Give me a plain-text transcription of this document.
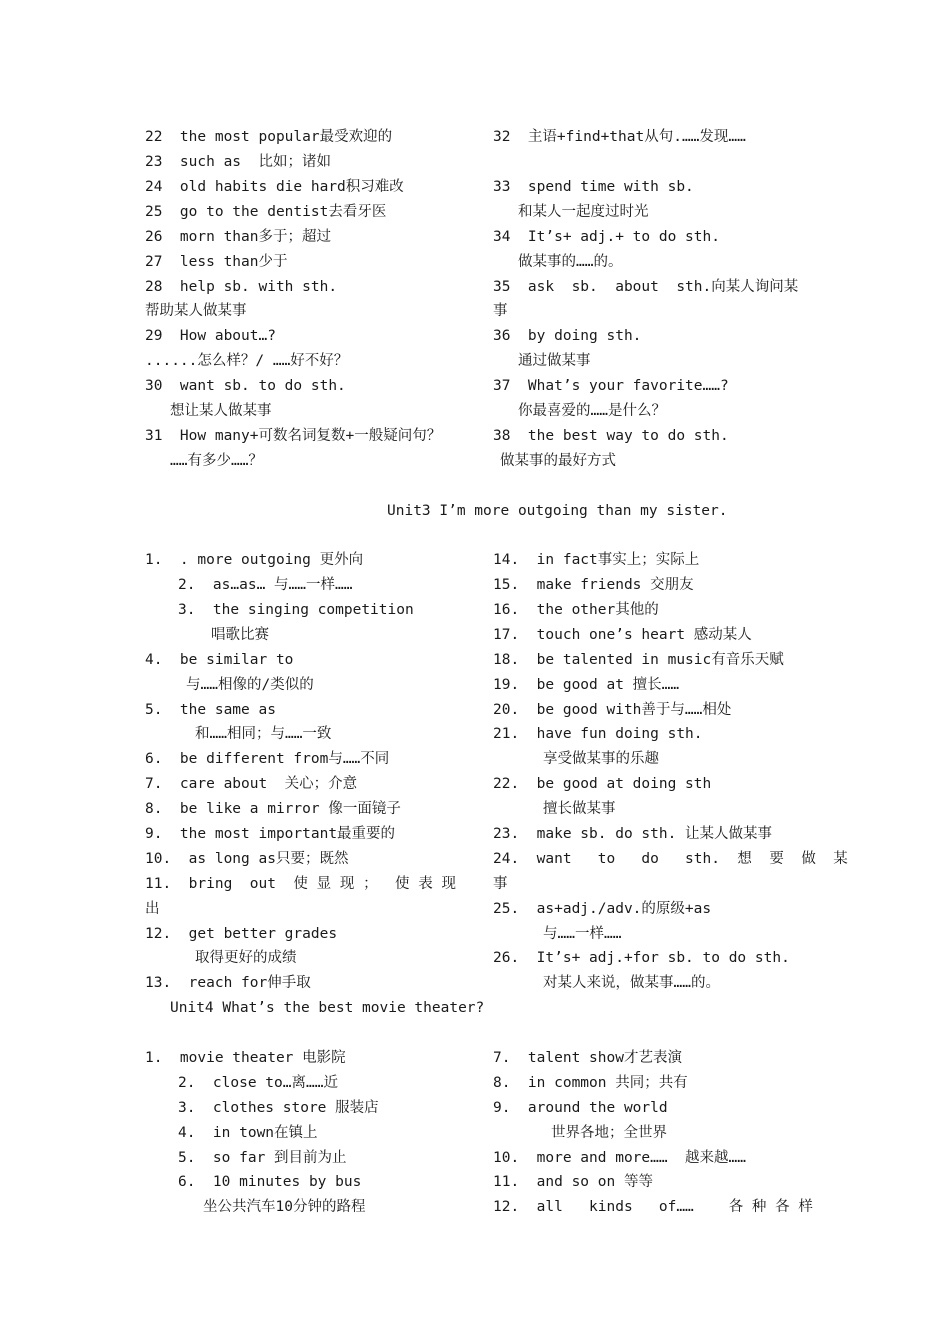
22  the most popular最受欢迎的
23  such as  比如；诸如
24  old habits die hard积习难改
25  go to the dentist去看牙医
26  morn than多于；超过
27  less than少于
28  help sb. with sth.
帮助某人做某事
29  How about…?
......怎么样？/ ……好不好？
30  want sb. to do sth.
想让某人做某事
31  How many+可数名词复数+一般疑问句？
……有多少……？
32  主语+find+that从句.……发现……
33  spend time with sb.
和某人一起度过时光
34  It’s+ adj.+ to do sth.
做某事的……的。
35  ask  sb.  about  sth.向某人询问某
事
36  by doing sth.
通过做某事
37  What’s your favorite……?
你最喜爱的……是什么？
38  the best way to do sth.
做某事的最好方式
Unit3 I’m more outgoing than my sister.
1.  . more outgoing 更外向
2.  as…as… 与……一样……
3.  the singing competition
唱歌比赛
4.  be similar to
与……相像的/类似的
5.  the same as
和……相同；与……一致
6.  be different from与……不同
7.  care about  关心；介意
8.  be like a mirror 像一面镜子
9.  the most important最重要的
10.  as long as只要；既然
11.  bring  out  使 显 现 ；  使 表 现
出
12.  get better grades
取得更好的成绩
13.  reach for伸手取
14.  in fact事实上；实际上
15.  make friends 交朋友
16.  the other其他的
17.  touch one’s heart 感动某人
18.  be talented in music有音乐天赋
19.  be good at 擅长……
20.  be good with善于与……相处
21.  have fun doing sth.
享受做某事的乐趣
22.  be good at doing sth
擅长做某事
23.  make sb. do sth. 让某人做某事
24.  want   to   do   sth.  想  要  做  某
事
25.  as+adj./adv.的原级+as
与……一样……
26.  It’s+ adj.+for sb. to do sth.
对某人来说，做某事……的。
Unit4 What’s the best movie theater?
1.  movie theater 电影院
2.  close to…离……近
3.  clothes store 服装店
4.  in town在镇上
5.  so far 到目前为止
6.  10 minutes by bus
坐公共汽车10分钟的路程
7.  talent show才艺表演
8.  in common 共同；共有
9.  around the world
世界各地；全世界
10.  more and more……  越来越……
11.  and so on 等等
12.  all   kinds   of……    各 种 各 样
